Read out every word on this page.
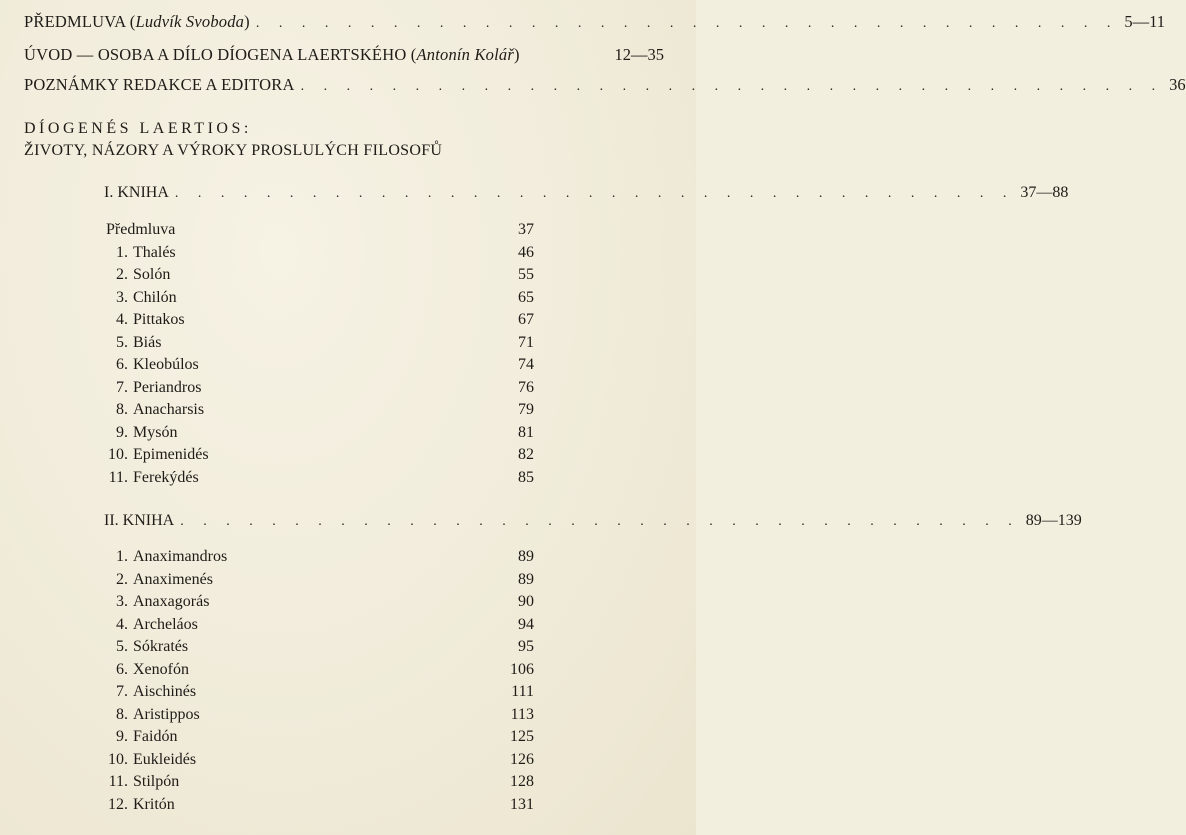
PŘEDMLUVA (Ludvík Svoboda) . . . . . . . . . . . . . . . . . . . . . . . . . . . . . . . . . . . . . . 5—11
ÚVOD — OSOBA A DÍLO DÍOGENA LAERTSKÉHO (Antonín Kolář)	12—35
POZNÁMKY REDAKCE A EDITORA . . . . . . . . . . . . . . . . . . . . . . . . . . . . . . . . . . . . . . 36
DÍOGENÉS LAERTIOS:
ŽIVOTY, NÁZORY A VÝROKY PROSLULÝCH FILOSOFŮ
I. KNIHA . . . . . . . . . . . . . . . . . . . . . . . . . . . . . . . . . . . . . 37—88
Předmluva	37
1. Thalés	46
2. Solón	55
3. Chilón	65
4. Pittakos	67
5. Biás	71
6. Kleobúlos	74
7. Periandros	76
8. Anacharsis	79
9. Mysón	81
10. Epimenidés	82
11. Ferekýdés	85
II. KNIHA . . . . . . . . . . . . . . . . . . . . . . . . . . . . . . . . . . . . . 89—139
1. Anaximandros	89
2. Anaximenés	89
3. Anaxagorás	90
4. Archeláos	94
5. Sókratés	95
6. Xenofón	106
7. Aischinés	111
8. Aristippos	113
9. Faidón	125
10. Eukleidés	126
11. Stilpón	128
12. Kritón	131
